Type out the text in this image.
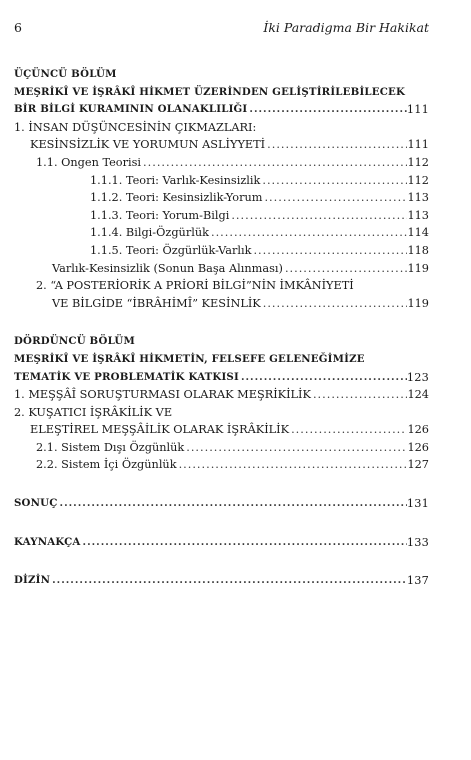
6	İki Paradigma Bir Hakikat
ÜÇÜNCÜ BÖLÜM
MEŞRİKÎ VE İŞRÂKÎ HİKMET ÜZERİNDEN GELİŞTİRİLEBİLECEK
BİR BİLGİ KURAMININ OLANAKLILIĞI .....	111
1. İNSAN DÜŞÜNCESİNİN ÇIKMAZLARI:
KESİNSİZLİK VE YORUMUN ASLİYYETİ .....	111
1.1. Ongen Teorisi .....	112
1.1.1. Teori: Varlık-Kesinsizlik .....	112
1.1.2. Teori: Kesinsizlik-Yorum .....	113
1.1.3. Teori: Yorum-Bilgi .....	113
1.1.4. Bilgi-Özgürlük .....	114
1.1.5. Teori: Özgürlük-Varlık .....	118
Varlık-Kesinsizlik (Sonun Başa Alınması) .....	119
2. “A POSTERİORİK A PRİORİ BİLGİ”NİN İMKÂNİYETİ
VE BİLGİDE “İBRÂHİMÎ” KESİNLİK .....	119
DÖRDÜNCÜ BÖLÜM
MEŞRİKÎ VE İŞRÂKÎ HİKMETİN, FELSEFE GELENEĞİMİZE
TEMATİK VE PROBLEMATİK KATKISI .....	123
1. MEŞŞÂÎ SORUŞTURMASI OLARAK MEŞRİKİLİK .....	124
2. KUŞATICI İŞRÂKİLİK VE
ELEŞTİREL MEŞŞÂİLİK OLARAK İŞRÂKİLİK .....	126
2.1. Sistem Dışı Özgünlük .....	126
2.2. Sistem İçi Özgünlük .....	127
SONUÇ .....	131
KAYNAKÇA .....	133
DİZİN .....	137
